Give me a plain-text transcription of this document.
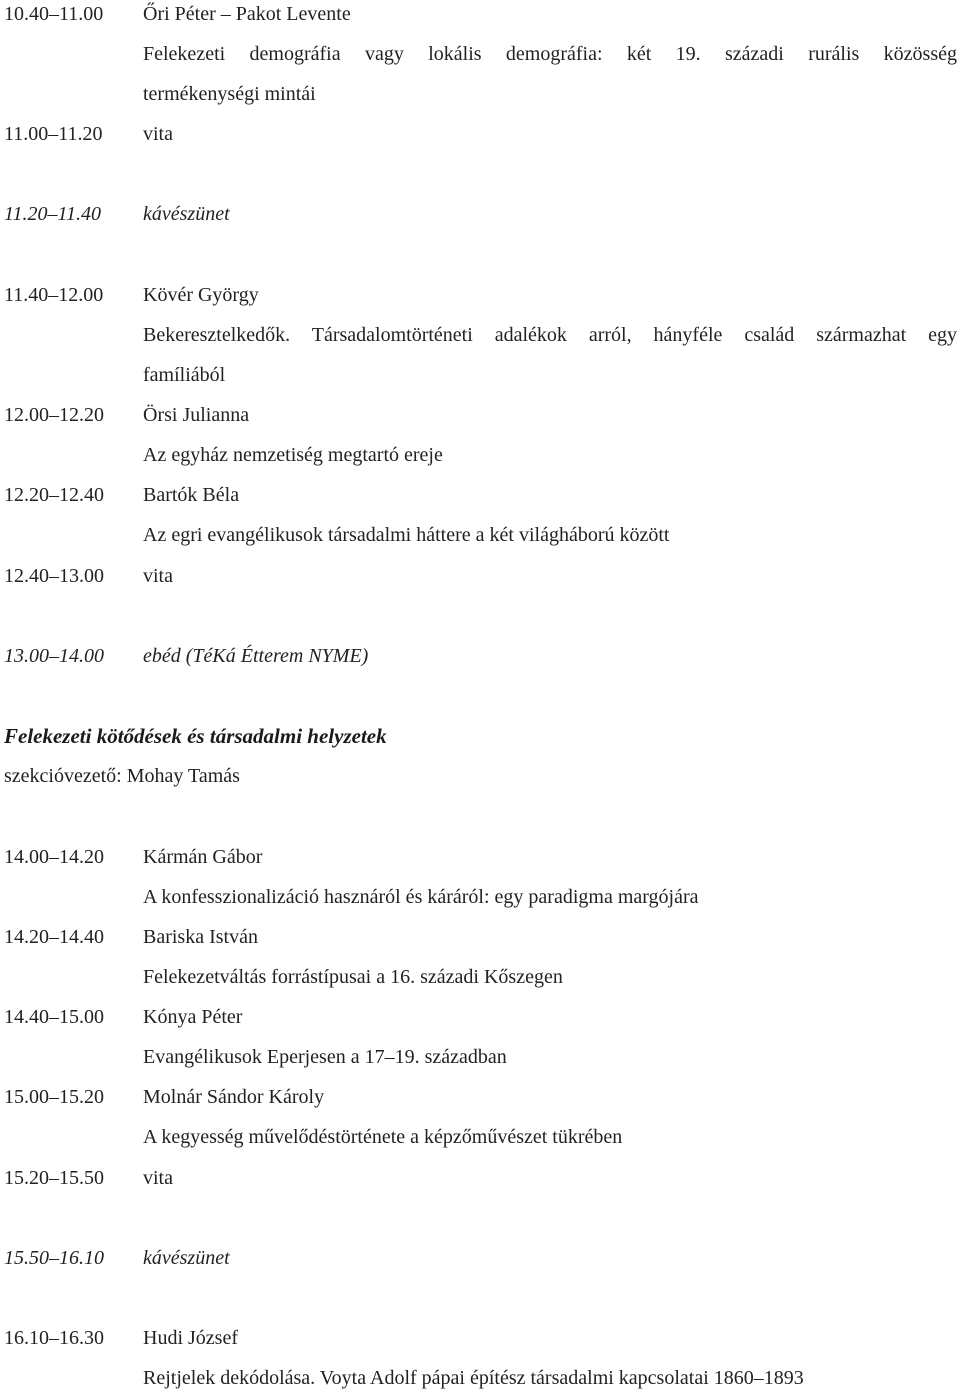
10.40–11.00	Őri Péter – Pakot Levente
Felekezeti demográfia vagy lokális demográfia: két 19. századi rurális közösség
termékenységi mintái
11.00–11.20	vita
11.20–11.40	kávészünet
11.40–12.00	Kövér György
Bekeresztelkedők. Társadalomtörténeti adalékok arról, hányféle család származhat egy
famíliából
12.00–12.20	Örsi Julianna
Az egyház nemzetiség megtartó ereje
12.20–12.40	Bartók Béla
Az egri evangélikusok társadalmi háttere a két világháború között
12.40–13.00	vita
13.00–14.00	ebéd (TéKá Étterem NYME)
Felekezeti kötődések és társadalmi helyzetek
szekcióvezető: Mohay Tamás
14.00–14.20	Kármán Gábor
A konfesszionalizáció hasznáról és káráról: egy paradigma margójára
14.20–14.40	Bariska István
Felekezetváltás forrástípusai a 16. századi Kőszegen
14.40–15.00	Kónya Péter
Evangélikusok Eperjesen a 17–19. században
15.00–15.20	Molnár Sándor Károly
A kegyesség művelődéstörténete a képzőművészet tükrében
15.20–15.50	vita
15.50–16.10	kávészünet
16.10–16.30	Hudi József
Rejtjelek dekódolása. Voyta Adolf pápai építész társadalmi kapcsolatai 1860–1893
